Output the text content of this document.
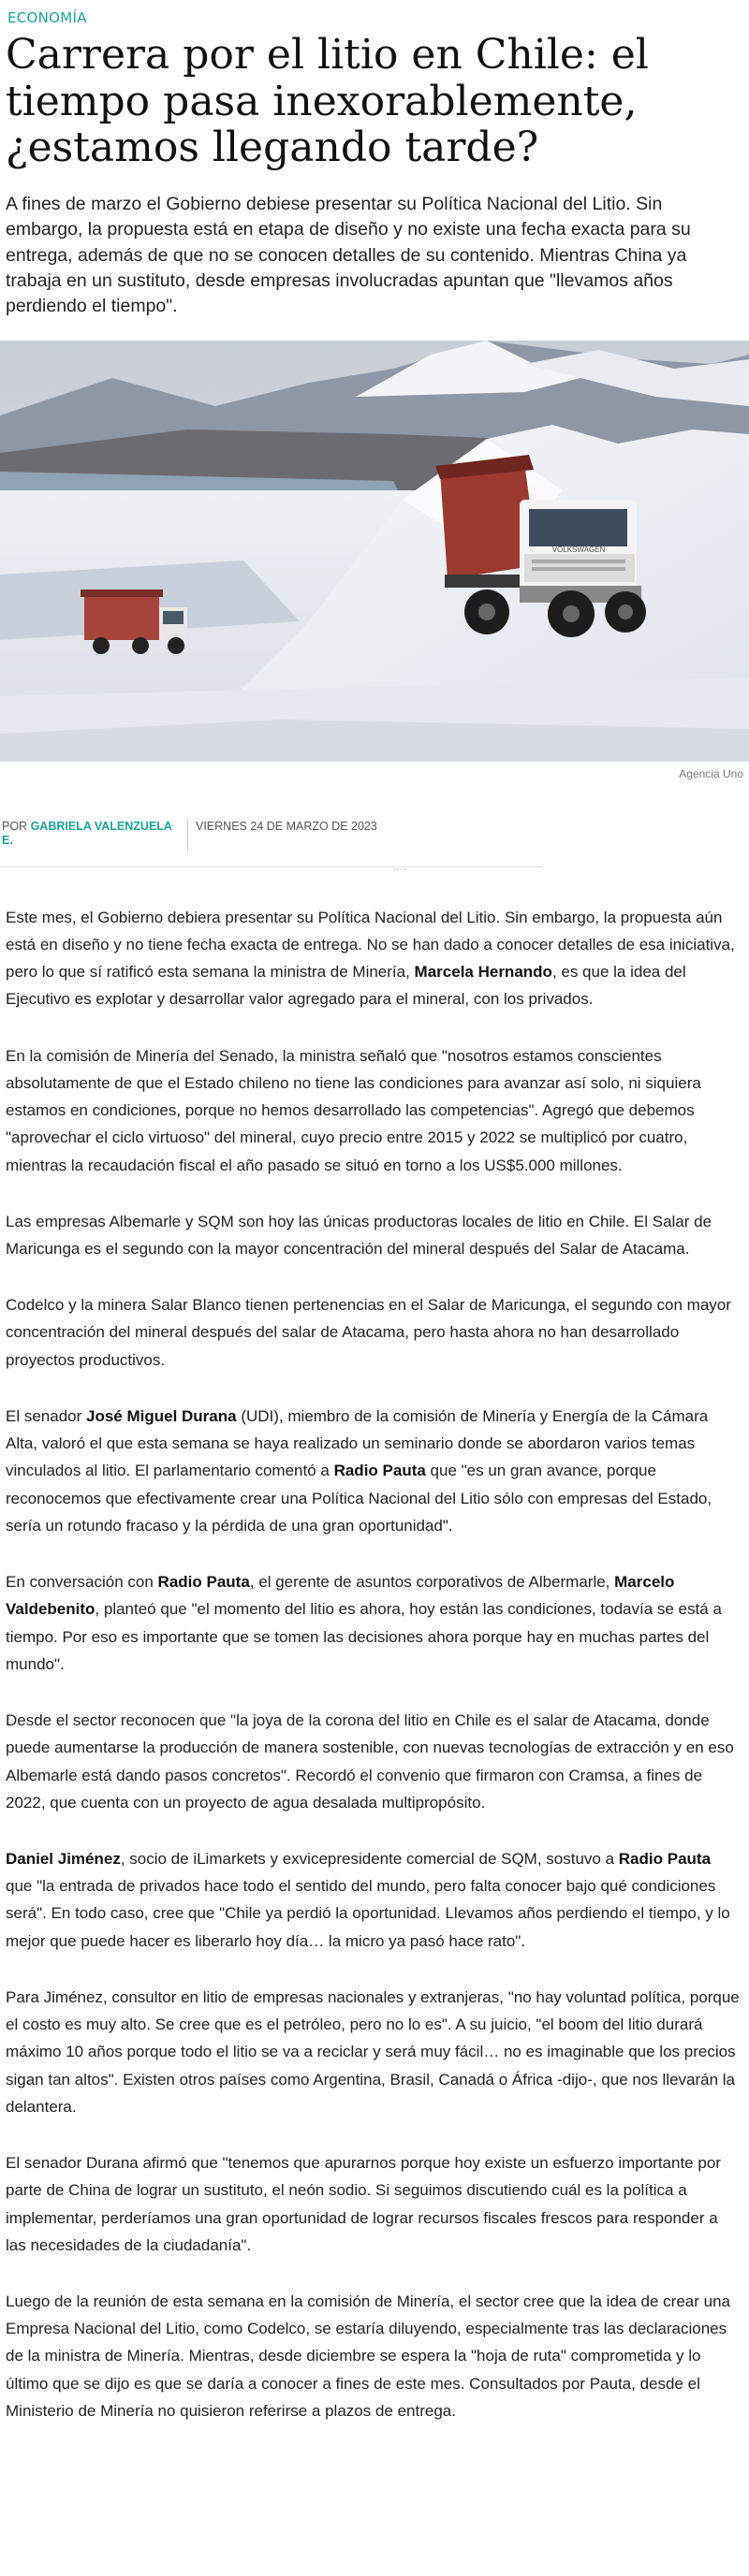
ECONOMÍA
Carrera por el litio en Chile: el tiempo pasa inexorablemente, ¿estamos llegando tarde?

A fines de marzo el Gobierno debiese presentar su Política Nacional del Litio. Sin embargo, la propuesta está en etapa de diseño y no existe una fecha exacta para su entrega, además de que no se conocen detalles de su contenido. Mientras China ya trabaja en un sustituto, desde empresas involucradas apuntan que "llevamos años perdiendo el tiempo".

VOLKSWAGEN
Agencia Uno
POR GABRIELA VALENZUELA E.
VIERNES 24 DE MARZO DE 2023
....

Este mes, el Gobierno debiera presentar su Política Nacional del Litio. Sin embargo, la propuesta aún está en diseño y no tiene fecha exacta de entrega. No se han dado a conocer detalles de esa iniciativa, pero lo que sí ratificó esta semana la ministra de Minería, Marcela Hernando, es que la idea del Ejecutivo es explotar y desarrollar valor agregado para el mineral, con los privados.

En la comisión de Minería del Senado, la ministra señaló que "nosotros estamos conscientes absolutamente de que el Estado chileno no tiene las condiciones para avanzar así solo, ni siquiera estamos en condiciones, porque no hemos desarrollado las competencias". Agregó que debemos "aprovechar el ciclo virtuoso" del mineral, cuyo precio entre 2015 y 2022 se multiplicó por cuatro, mientras la recaudación fiscal el año pasado se situó en torno a los US$5.000 millones.

Las empresas Albemarle y SQM son hoy las únicas productoras locales de litio en Chile. El Salar de Maricunga es el segundo con la mayor concentración del mineral después del Salar de Atacama.

Codelco y la minera Salar Blanco tienen pertenencias en el Salar de Maricunga, el segundo con mayor concentración del mineral después del salar de Atacama, pero hasta ahora no han desarrollado proyectos productivos.

El senador José Miguel Durana (UDI), miembro de la comisión de Minería y Energía de la Cámara Alta, valoró el que esta semana se haya realizado un seminario donde se abordaron varios temas vinculados al litio. El parlamentario comentó a Radio Pauta que "es un gran avance, porque reconocemos que efectivamente crear una Política Nacional del Litio sólo con empresas del Estado, sería un rotundo fracaso y la pérdida de una gran oportunidad".

En conversación con Radio Pauta, el gerente de asuntos corporativos de Albermarle, Marcelo Valdebenito, planteó que "el momento del litio es ahora, hoy están las condiciones, todavía se está a tiempo. Por eso es importante que se tomen las decisiones ahora porque hay en muchas partes del mundo".

Desde el sector reconocen que "la joya de la corona del litio en Chile es el salar de Atacama, donde puede aumentarse la producción de manera sostenible, con nuevas tecnologías de extracción y en eso Albemarle está dando pasos concretos". Recordó el convenio que firmaron con Cramsa, a fines de 2022, que cuenta con un proyecto de agua desalada multipropósito.

Daniel Jiménez, socio de iLimarkets y exvicepresidente comercial de SQM, sostuvo a Radio Pauta que "la entrada de privados hace todo el sentido del mundo, pero falta conocer bajo qué condiciones será". En todo caso, cree que "Chile ya perdió la oportunidad. Llevamos años perdiendo el tiempo, y lo mejor que puede hacer es liberarlo hoy día… la micro ya pasó hace rato".

Para Jiménez, consultor en litio de empresas nacionales y extranjeras, "no hay voluntad política, porque el costo es muy alto. Se cree que es el petróleo, pero no lo es". A su juicio, "el boom del litio durará máximo 10 años porque todo el litio se va a reciclar y será muy fácil… no es imaginable que los precios sigan tan altos". Existen otros países como Argentina, Brasil, Canadá o África -dijo-, que nos llevarán la delantera.

El senador Durana afirmó que "tenemos que apurarnos porque hoy existe un esfuerzo importante por parte de China de lograr un sustituto, el neón sodio. Si seguimos discutiendo cuál es la política a implementar, perderíamos una gran oportunidad de lograr recursos fiscales frescos para responder a las necesidades de la ciudadanía".

Luego de la reunión de esta semana en la comisión de Minería, el sector cree que la idea de crear una Empresa Nacional del Litio, como Codelco, se estaría diluyendo, especialmente tras las declaraciones de la ministra de Minería. Mientras, desde diciembre se espera la "hoja de ruta" comprometida y lo último que se dijo es que se daría a conocer a fines de este mes. Consultados por Pauta, desde el Ministerio de Minería no quisieron referirse a plazos de entrega.
